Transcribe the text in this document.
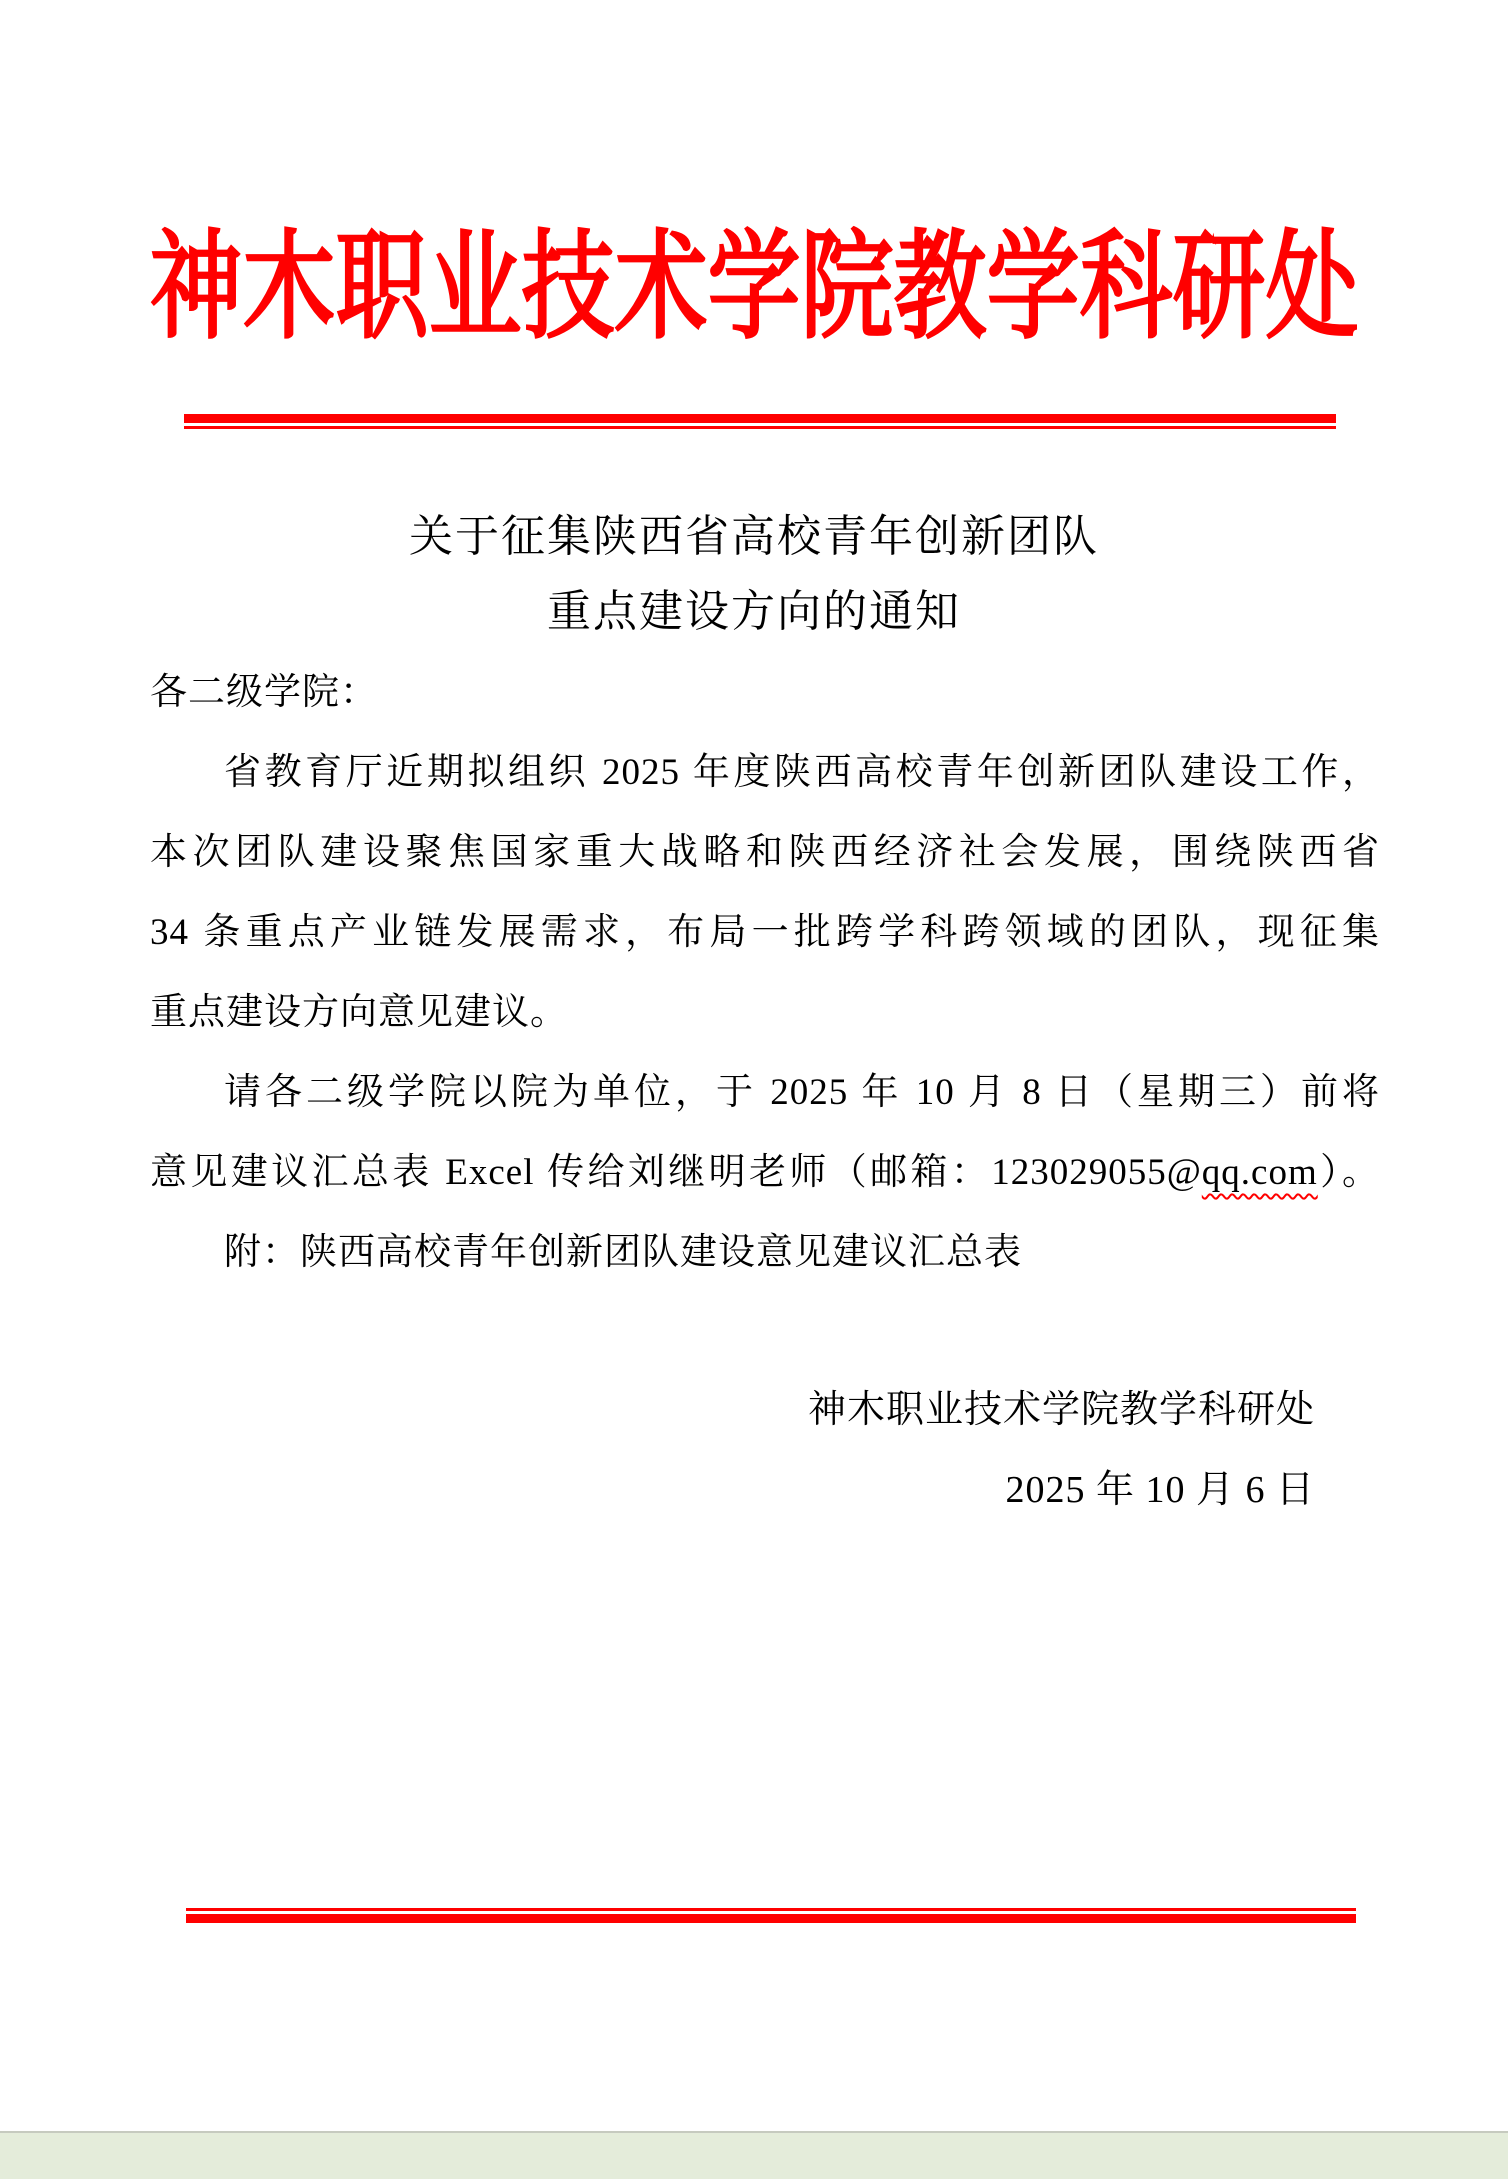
神木职业技术学院教学科研处
关于征集陕西省高校青年创新团队
重点建设方向的通知
各二级学院：
省教育厅近期拟组织 2025 年度陕西高校青年创新团队建设工作，
本次团队建设聚焦国家重大战略和陕西经济社会发展，围绕陕西省
34 条重点产业链发展需求，布局一批跨学科跨领域的团队，现征集
重点建设方向意见建议。
请各二级学院以院为单位，于 2025 年 10 月 8 日（星期三）前将
意见建议汇总表 Excel 传给刘继明老师（邮箱：123029055@qq.com）。
附：陕西高校青年创新团队建设意见建议汇总表
神木职业技术学院教学科研处
2025 年 10 月 6 日
